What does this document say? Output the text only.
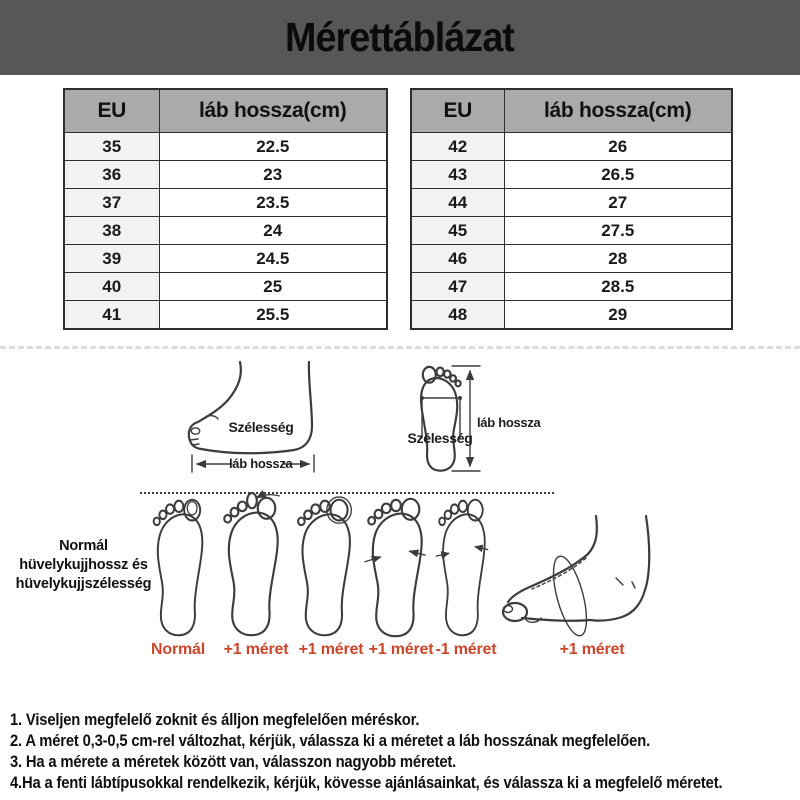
Mérettáblázat
EU	láb hossza(cm)
35	22.5
36	23
37	23.5
38	24
39	24.5
40	25
41	25.5
EU	láb hossza(cm)
42	26
43	26.5
44	27
45	27.5
46	28
47	28.5
48	29
Szélesség
láb hossza
Szélesség
láb hossza
Normál
hüvelykujjhossz és
hüvelykujjszélesség
Normál	+1 méret +1 méret +1 méret -1 méret	+1 méret
1. Viseljen megfelelő zoknit és álljon megfelelően méréskor.
2. A méret 0,3-0,5 cm-rel változhat, kérjük, válassza ki a méretet a láb hosszának megfelelően.
3. Ha a mérete a méretek között van, válasszon nagyobb méretet.
4.Ha a fenti lábtípusokkal rendelkezik, kérjük, kövesse ajánlásainkat, és válassza ki a megfelelő méretet.
